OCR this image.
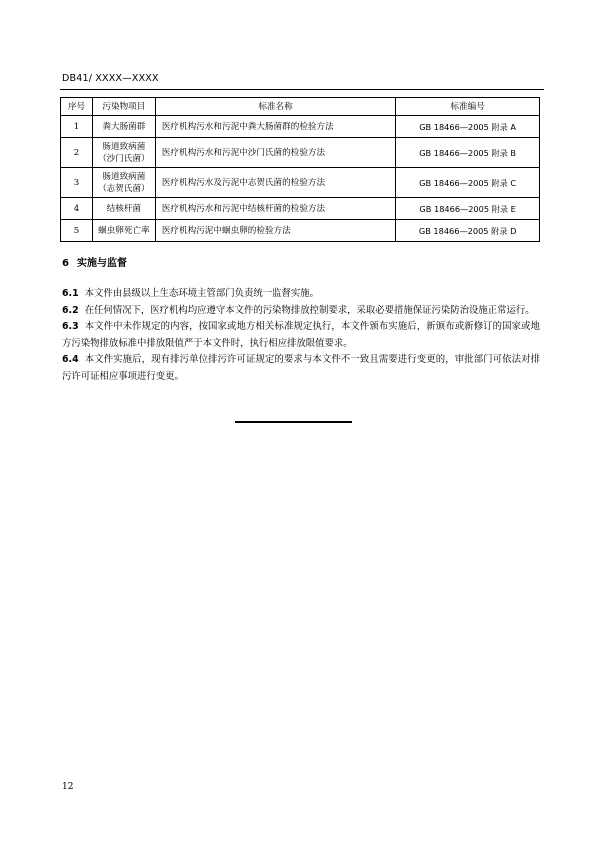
DB41/ XXXX—XXXX
序号	污染物项目	标准名称	标准编号
1	粪大肠菌群	医疗机构污水和污泥中粪大肠菌群的检验方法	GB 18466—2005 附录 A
2	肠道致病菌
（沙门氏菌）	医疗机构污水和污泥中沙门氏菌的检验方法	GB 18466—2005 附录 B
3	肠道致病菌
（志贺氏菌）	医疗机构污水及污泥中志贺氏菌的检验方法	GB 18466—2005 附录 C
4	结核杆菌	医疗机构污水和污泥中结核杆菌的检验方法	GB 18466—2005 附录 E
5	蛔虫卵死亡率	医疗机构污泥中蛔虫卵的检验方法	GB 18466—2005 附录 D
6 实施与监督

6.1 本文件由县级以上生态环境主管部门负责统一监督实施。

6.2 在任何情况下，医疗机构均应遵守本文件的污染物排放控制要求，采取必要措施保证污染防治设施正常运行。

6.3 本文件中未作规定的内容，按国家或地方相关标准规定执行，本文件颁布实施后，新颁布或新修订的国家或地方污染物排放标准中排放限值严于本文件时，执行相应排放限值要求。

6.4 本文件实施后，现有排污单位排污许可证规定的要求与本文件不一致且需要进行变更的，审批部门可依法对排污许可证相应事项进行变更。

12
